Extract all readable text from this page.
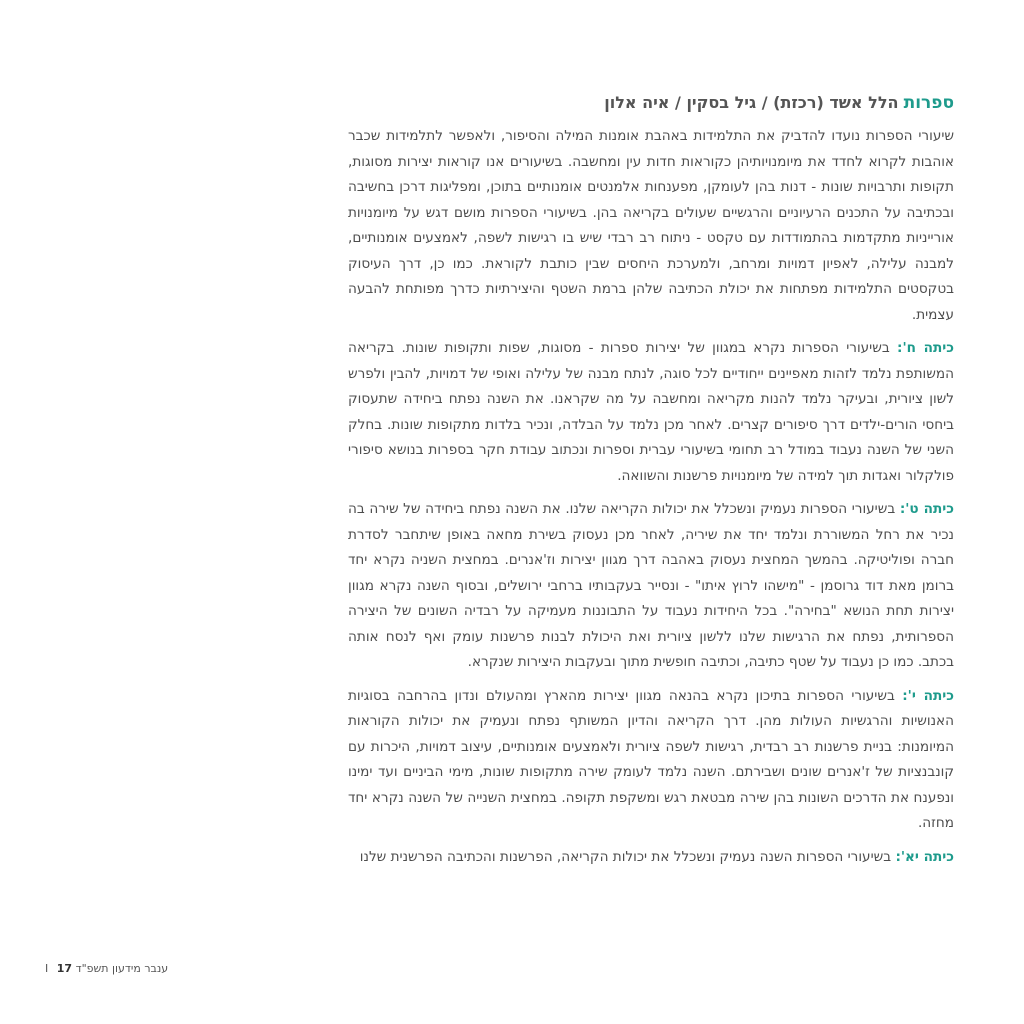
ספרות הלל אשד (רכזת) / גיל בסקין / איה אלון

שיעורי הספרות נועדו להדביק את התלמידות באהבת אומנות המילה והסיפור, ולאפשר לתלמידות שכבר אוהבות לקרוא לחדד את מיומנויותיהן כקוראות חדות עין ומחשבה. בשיעורים אנו קוראות יצירות מסוגות, תקופות ותרבויות שונות - דנות בהן לעומקן, מפענחות אלמנטים אומנותיים בתוכן, ומפליגות דרכן בחשיבה ובכתיבה על התכנים הרעיוניים והרגשיים שעולים בקריאה בהן. בשיעורי הספרות מושם דגש על מיומנויות אורייניות מתקדמות בהתמודדות עם טקסט - ניתוח רב רבדי שיש בו רגישות לשפה, לאמצעים אומנותיים, למבנה עלילה, לאפיון דמויות ומרחב, ולמערכת היחסים שבין כותבת לקוראת. כמו כן, דרך העיסוק בטקסטים התלמידות מפתחות את יכולת הכתיבה שלהן ברמת השטף והיצירתיות כדרך מפותחת להבעה עצמית.

כיתה ח': בשיעורי הספרות נקרא במגוון של יצירות ספרות - מסוגות, שפות ותקופות שונות. בקריאה המשותפת נלמד לזהות מאפיינים ייחודיים לכל סוגה, לנתח מבנה של עלילה ואופי של דמויות, להבין ולפרש לשון ציורית, ובעיקר נלמד להנות מקריאה ומחשבה על מה שקראנו. את השנה נפתח ביחידה שתעסוק ביחסי הורים-ילדים דרך סיפורים קצרים. לאחר מכן נלמד על הבלדה, ונכיר בלדות מתקופות שונות. בחלק השני של השנה נעבוד במודל רב תחומי בשיעורי עברית וספרות ונכתוב עבודת חקר בספרות בנושא סיפורי פולקלור ואגדות תוך למידה של מיומנויות פרשנות והשוואה.

כיתה ט': בשיעורי הספרות נעמיק ונשכלל את יכולות הקריאה שלנו. את השנה נפתח ביחידה של שירה בה נכיר את רחל המשוררת ונלמד יחד את שיריה, לאחר מכן נעסוק בשירת מחאה באופן שיתחבר לסדרת חברה ופוליטיקה. בהמשך המחצית נעסוק באהבה דרך מגוון יצירות וז'אנרים. במחצית השניה נקרא יחד ברומן מאת דוד גרוסמן - "מישהו לרוץ איתו" - ונסייר בעקבותיו ברחבי ירושלים, ובסוף השנה נקרא מגוון יצירות תחת הנושא "בחירה". בכל היחידות נעבוד על התבוננות מעמיקה על רבדיה השונים של היצירה הספרותית, נפתח את הרגישות שלנו ללשון ציורית ואת היכולת לבנות פרשנות עומק ואף לנסח אותה בכתב. כמו כן נעבוד על שטף כתיבה, וכתיבה חופשית מתוך ובעקבות היצירות שנקרא.

כיתה י': בשיעורי הספרות בתיכון נקרא בהנאה מגוון יצירות מהארץ ומהעולם ונדון בהרחבה בסוגיות האנושיות והרגשיות העולות מהן. דרך הקריאה והדיון המשותף נפתח ונעמיק את יכולות הקוראות המיומנות: בניית פרשנות רב רבדית, רגישות לשפה ציורית ולאמצעים אומנותיים, עיצוב דמויות, היכרות עם קונבנציות של ז'אנרים שונים ושבירתם. השנה נלמד לעומק שירה מתקופות שונות, מימי הביניים ועד ימינו ונפענח את הדרכים השונות בהן שירה מבטאת רגש ומשקפת תקופה. במחצית השנייה של השנה נקרא יחד מחזה.

כיתה יא': בשיעורי הספרות השנה נעמיק ונשכלל את יכולות הקריאה, הפרשנות והכתיבה הפרשנית שלנו

ענבר מידעון תשפ"ד I 17
